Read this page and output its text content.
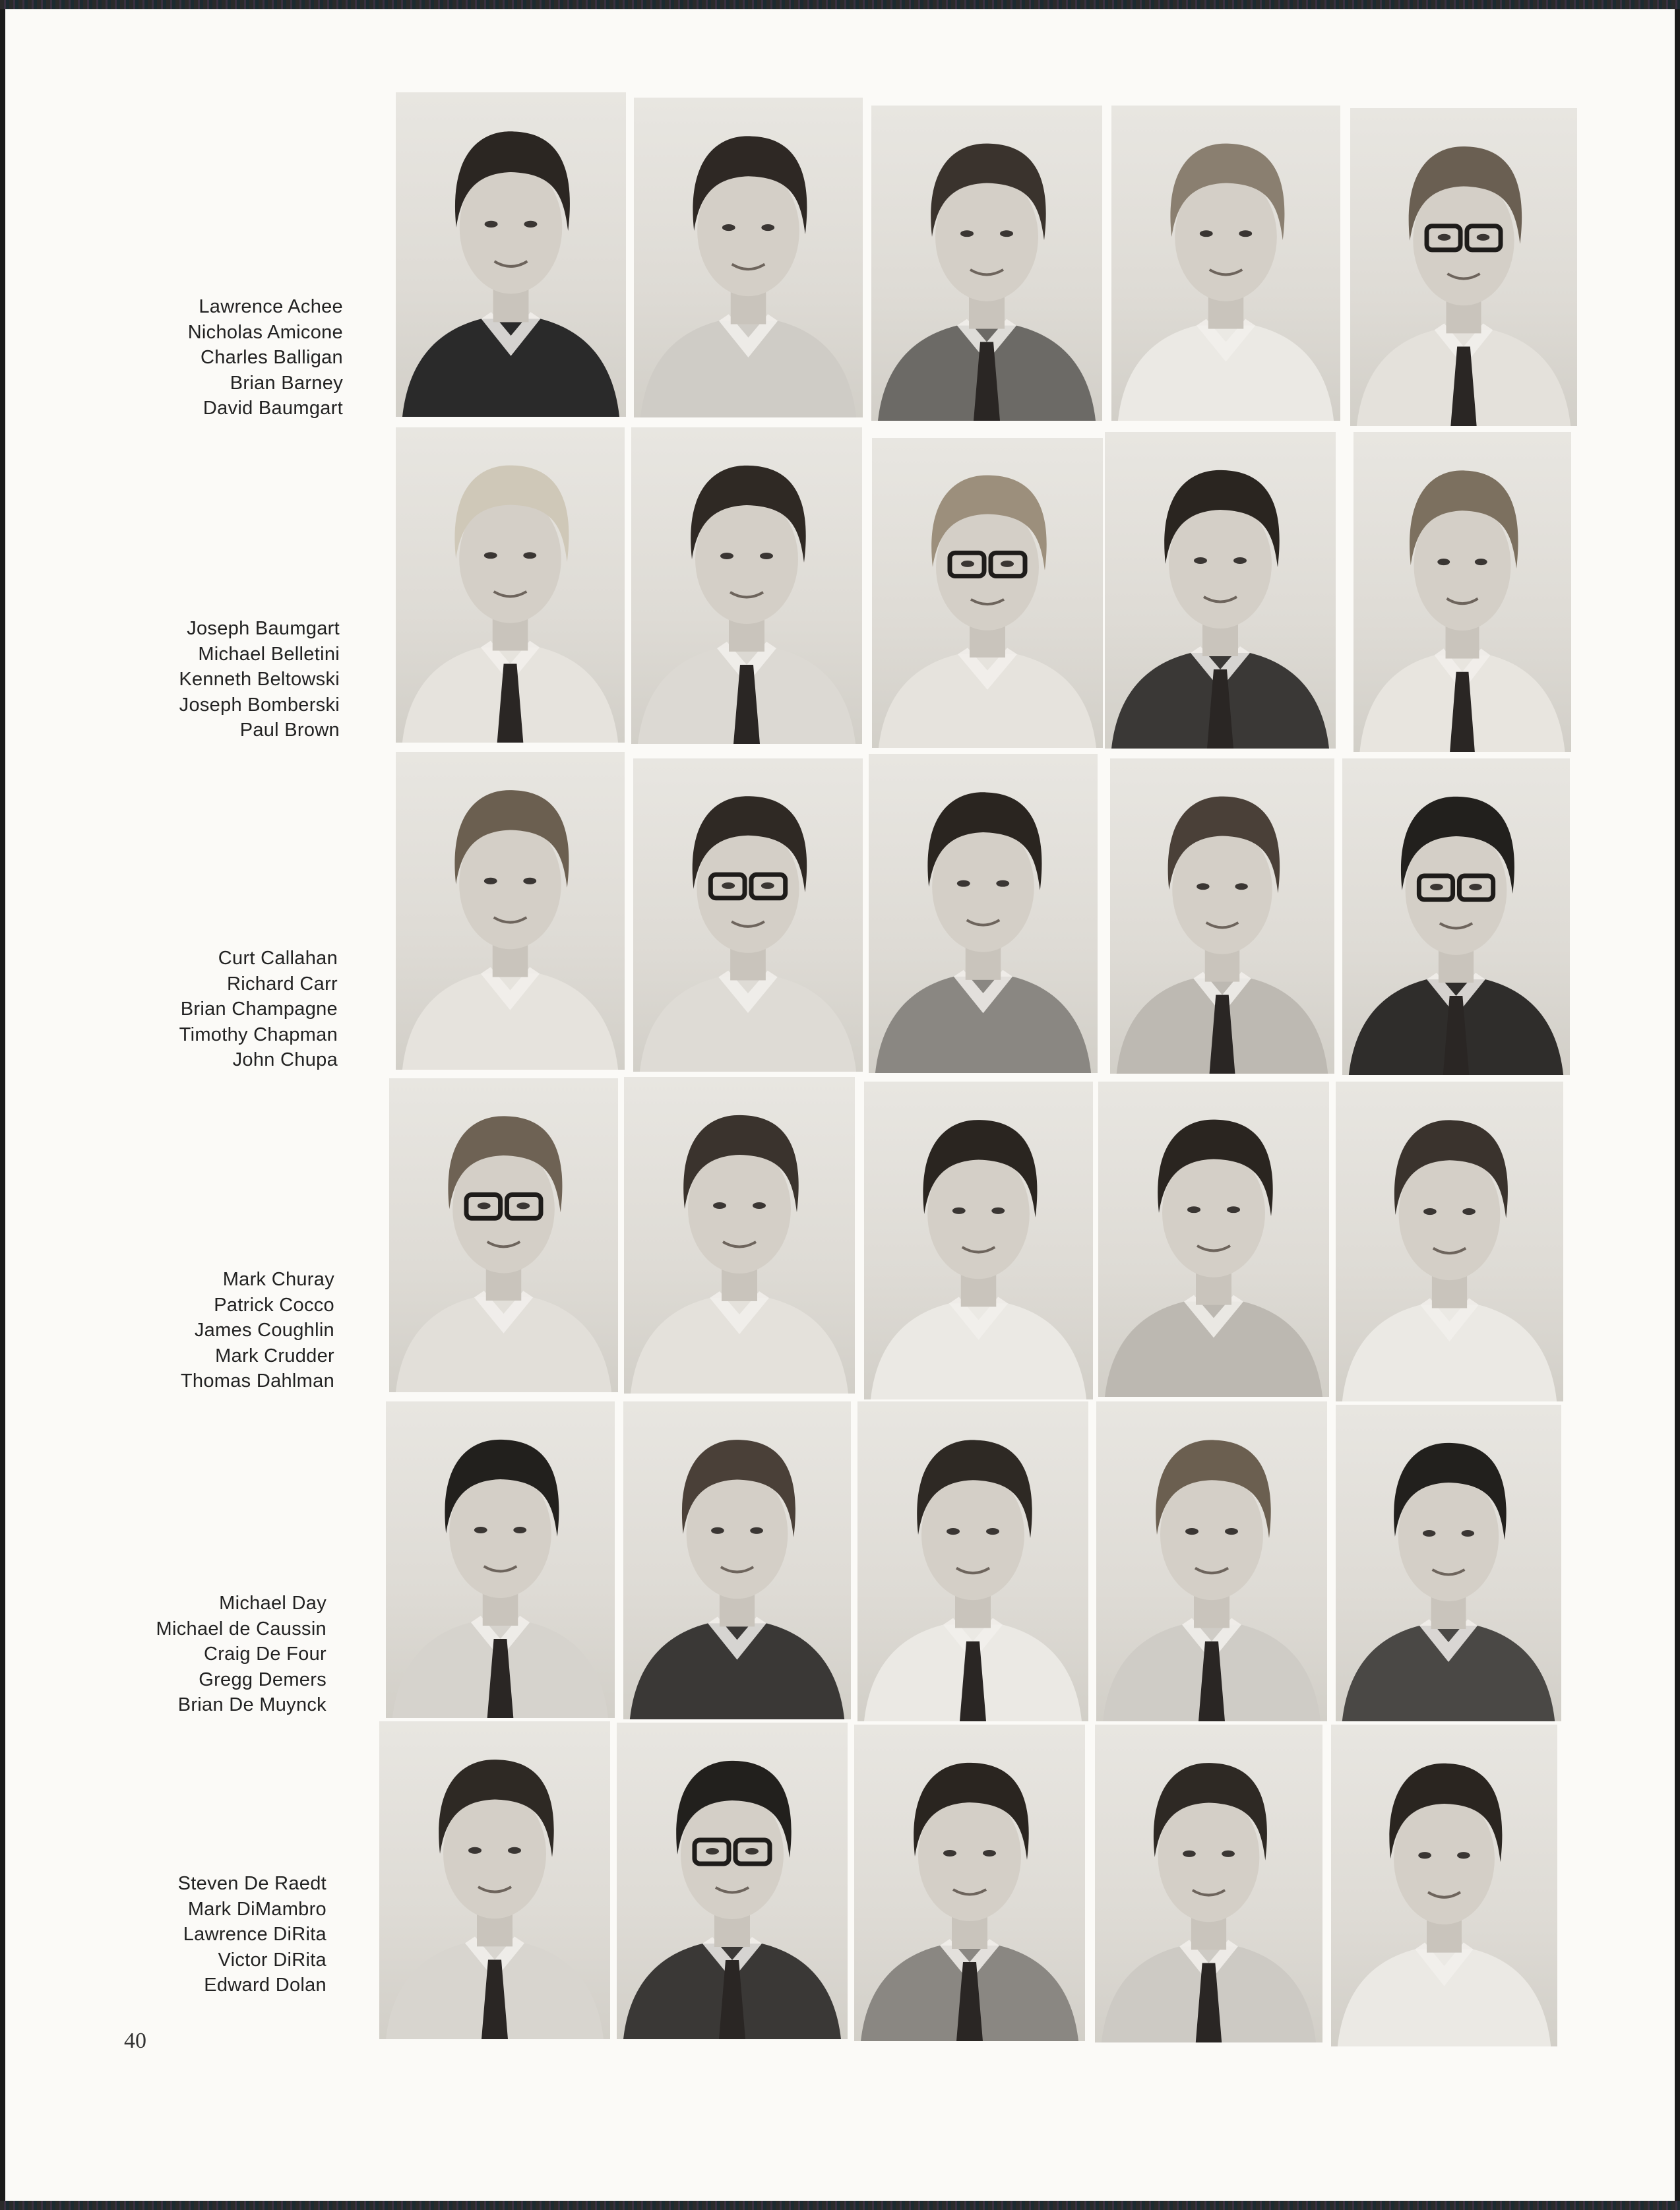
Lawrence Achee
Nicholas Amicone
Charles Balligan
Brian Barney
David Baumgart
Joseph Baumgart
Michael Belletini
Kenneth Beltowski
Joseph Bomberski
Paul Brown
Curt Callahan
Richard Carr
Brian Champagne
Timothy Chapman
John Chupa
Mark Churay
Patrick Cocco
James Coughlin
Mark Crudder
Thomas Dahlman
Michael Day
Michael de Caussin
Craig De Four
Gregg Demers
Brian De Muynck
Steven De Raedt
Mark DiMambro
Lawrence DiRita
Victor DiRita
Edward Dolan
40
